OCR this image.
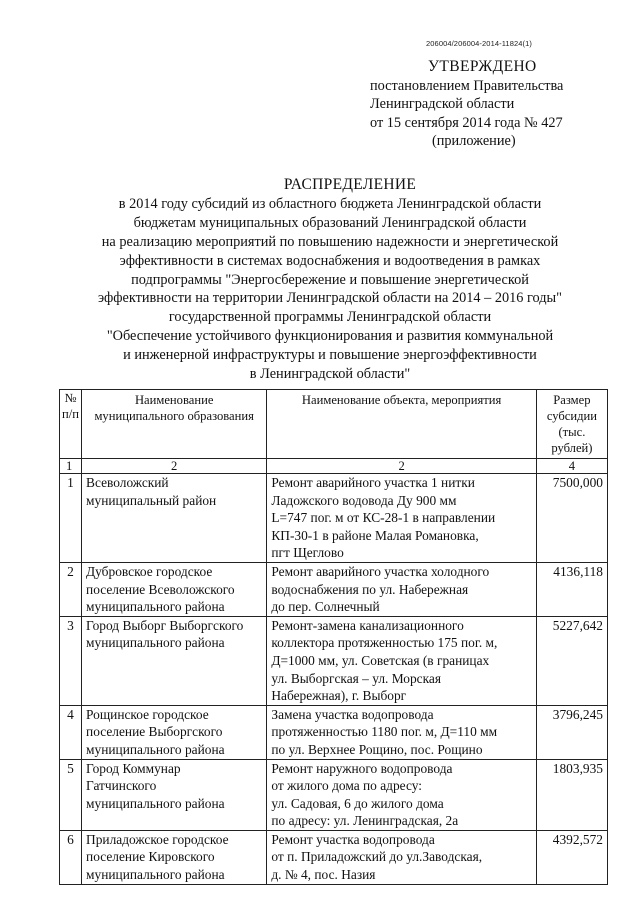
206004/206004-2014-11824(1)
УТВЕРЖДЕНО
постановлением Правительства
Ленинградской области
от 15 сентября 2014 года № 427
(приложение)
РАСПРЕДЕЛЕНИЕ
в 2014 году субсидий из областного бюджета Ленинградской области
бюджетам муниципальных образований Ленинградской области
на реализацию мероприятий по повышению надежности и энергетической
эффективности в системах водоснабжения и водоотведения в рамках
подпрограммы "Энергосбережение и повышение энергетической
эффективности на территории Ленинградской области на 2014 – 2016 годы"
государственной программы Ленинградской области
"Обеспечение устойчивого функционирования и развития коммунальной
и инженерной инфраструктуры и повышение энергоэффективности
в Ленинградской области"
№
п/п	Наименование
муниципального образования	Наименование объекта, мероприятия	Размер
субсидии
(тыс.
рублей)
1	2	2	4
1	Всеволожский
муниципальный район	Ремонт аварийного участка 1 нитки
Ладожского водовода Ду 900 мм
L=747 пог. м от КС-28-1 в направлении
КП-30-1 в районе Малая Романовка,
пгт Щеглово	7500,000
2	Дубровское городское
поселение Всеволожского
муниципального района	Ремонт аварийного участка холодного
водоснабжения по ул. Набережная
до пер. Солнечный	4136,118
3	Город Выборг Выборгского
муниципального района	Ремонт-замена канализационного
коллектора протяженностью 175 пог. м,
Д=1000 мм, ул. Советская (в границах
ул. Выборгская – ул. Морская
Набережная), г. Выборг	5227,642
4	Рощинское городское
поселение Выборгского
муниципального района	Замена участка водопровода
протяженностью 1180 пог. м, Д=110 мм
по ул. Верхнее Рощино, пос. Рощино	3796,245
5	Город Коммунар
Гатчинского
муниципального района	Ремонт наружного водопровода
от жилого дома по адресу:
ул. Садовая, 6 до жилого дома
по адресу: ул. Ленинградская, 2а	1803,935
6	Приладожское городское
поселение Кировского
муниципального района	Ремонт участка водопровода
от п. Приладожский до ул.Заводская,
д. № 4, пос. Назия	4392,572
